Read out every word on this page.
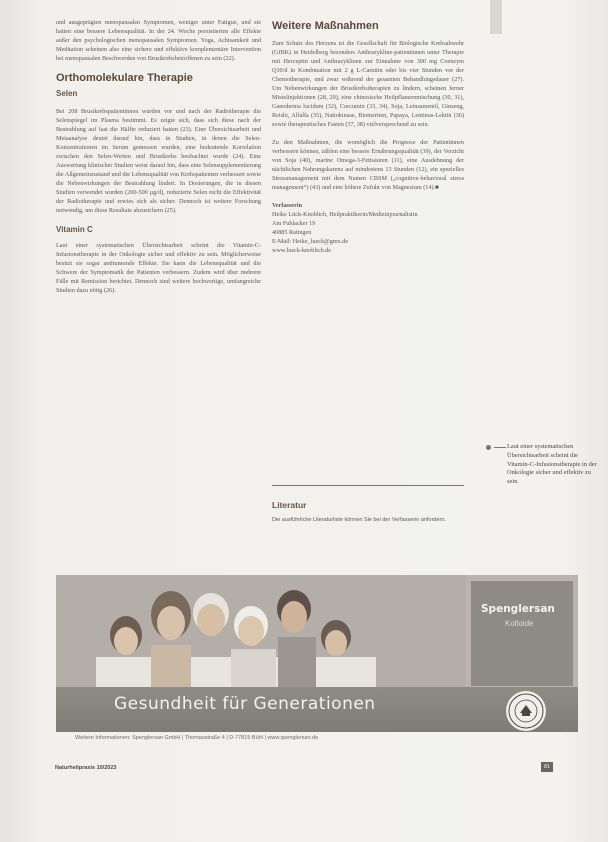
und ausgeprägten menopausalen Symptomen, weniger unter Fatigue, und sie hatten eine bessere Lebensqualität. In der 24. Woche persistierten alle Effekte außer den psychologischen menopausalen Symptomen. Yoga, Achtsamkeit und Meditation scheinen also eine sichere und effektive komplementäre Intervention bei menopausalen Beschwerden von Brustkrebsbetroffenen zu sein (22).

Orthomolekulare Therapie
Selen

Bei 208 Brustkrebspatientinnen wurden vor und nach der Radiotherapie die Selenspiegel im Plasma bestimmt. Es zeigte sich, dass sich diese nach der Bestrahlung auf fast die Hälfte reduziert hatten (23). Eine Übersichtsarbeit und Metaanalyse deutet darauf hin, dass in Studien, in denen die Selen-Konzentrationen im Serum gemessen wurden, eine bedeutende Korrelation zwischen den Selen-Werten und Brustkrebs beobachtet wurde (24). Eine Auswertung klinischer Studien weist darauf hin, dass eine Selensupplementierung die Allgemeinzustand und die Lebensqualität von Krebspatienten verbessert sowie die Nebenwirkungen der Bestrahlung lindert. In Dosierungen, die in diesen Studien verwendet wurden (200-500 µg/d), reduzierte Selen nicht die Effektivität der Radiotherapie und erwies sich als sicher. Dennoch ist weitere Forschung notwendig, um diese Resultate abzusichern (25).

Vitamin C

Laut einer systematischen Übersichtsarbeit scheint die Vitamin-C-Infusionstherapie in der Onkologie sicher und effektiv zu sein. Möglicherweise besitzt sie sogar antitumorale Effekte. Sie kann die Lebensqualität und die Schwere der Symptomatik der Patienten verbessern. Zudem wird über mehrere Fälle mit Remission berichtet. Dennoch sind weitere hochwertige, umfangreiche Studien dazu nötig (26).

Weitere Maßnahmen

Zum Schutz des Herzens ist die Gesellschaft für Biologische Krebsabwehr (GfBK) in Heidelberg besonders Anthrazykline-patientinnen unter Therapie mit Herceptin und Anthrazyklinen zur Einnahme von 300 mg Coenzym Q10/d in Kombination mit 2 g L-Carnitin oder bis vier Stunden vor der Chemotherapie, und zwar während der gesamten Behandlungsdauer (27). Um Nebenwirkungen der Brustkrebstherapien zu lindern, scheinen ferner Mistelinjektionen (28, 29), eine chinesische Heilpflanzenmischung (30, 31), Ganoderma lucidum (32), Curcumin (33, 34), Soja, Leinsamenöl, Ginseng, Reishi, Alfalfa (35), Nattokinase, Biomeriten, Papaya, Lentinus-Lektin (36) sowie therapeutisches Fasten (37, 38) vielversprechend zu sein.

Zu den Maßnahmen, die womöglich die Prognose der Patientinnen verbessern können, zählen eine bessere Ernährungsqualität (39), der Verzicht von Soja (40), marine Omega-3-Fettsäuren (11), eine Ausdehnung der nächtlichen Nahrungskarenz auf mindestens 13 Stunden (12), ein spezielles Stressmanagement mit dem Namen CBSM („cognitive-behavioral stress management“) (43) und eine höhere Zufuhr von Magnesium (14).■

Verfasserin
Heike Lück-Knoblich, Heilpraktikerin/Medizinjournalistin
Am Fuhlacker 19
40885 Ratingen
E-Mail: Heike_lueck@gmx.de
www.lueck-knoblich.de
Literatur
Die ausführliche Literaturliste können Sie bei der Verfasserin anfordern.
Laut einer systematischen Übersichtsarbeit scheint die Vitamin-C-Infusionstherapie in der Onkologie sicher und effektiv zu sein.
Gesundheit für Generationen
Spenglersan
Kolloide
Weitere Informationen: Spenglersan GmbH | Thomasstraße 4 | D-77815 Bühl | www.spenglersan.de
Naturheilpraxis 10/2023	81
